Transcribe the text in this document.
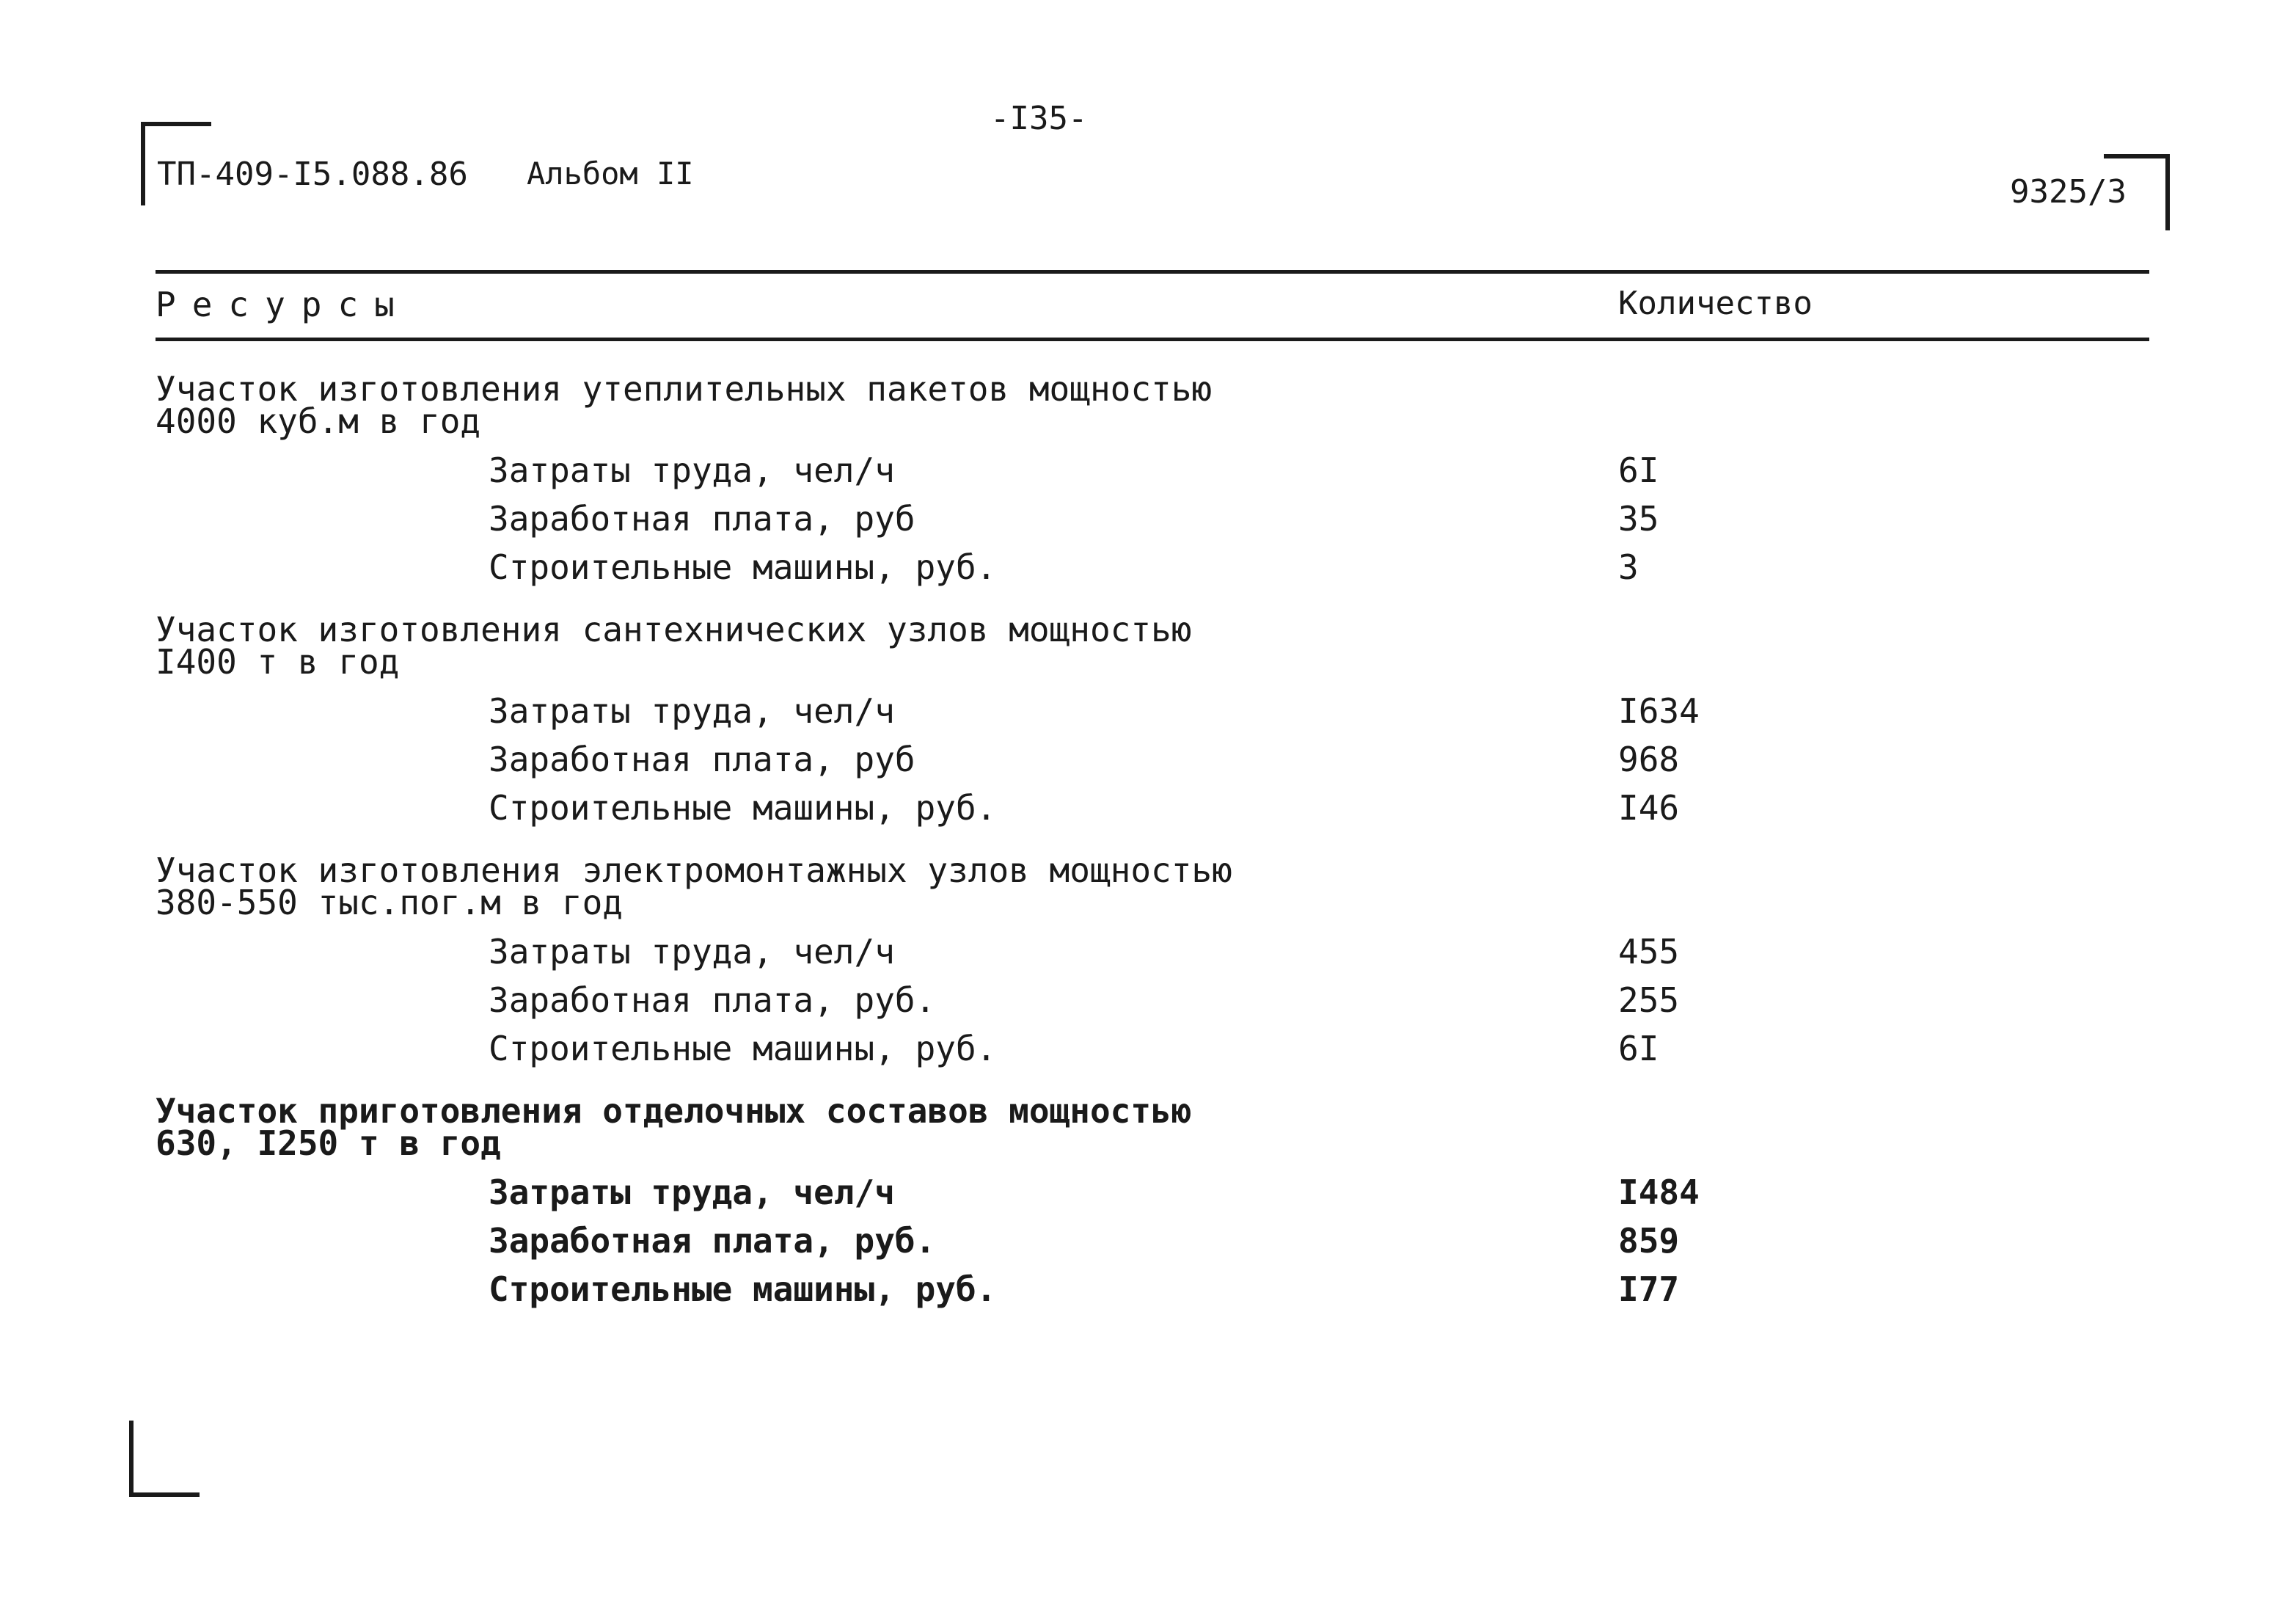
-I35-
ТП-409-I5.088.86 Альбом II	9325/3
Ресурсы	Количество
Участок изготовления утеплительных пакетов мощностью
4000 куб.м в год
Затраты труда, чел/ч	6I
Заработная плата, руб	35
Строительные машины, руб.	3
Участок изготовления сантехнических узлов мощностью
I400 т в год
Затраты труда, чел/ч	I634
Заработная плата, руб	968
Строительные машины, руб.	I46
Участок изготовления электромонтажных узлов мощностью
380-550 тыс.пог.м в год
Затраты труда, чел/ч	455
Заработная плата, руб.	255
Строительные машины, руб.	6I
Участок приготовления отделочных составов мощностью
630, I250 т в год
Затраты труда, чел/ч	I484
Заработная плата, руб.	859
Строительные машины, руб.	I77
